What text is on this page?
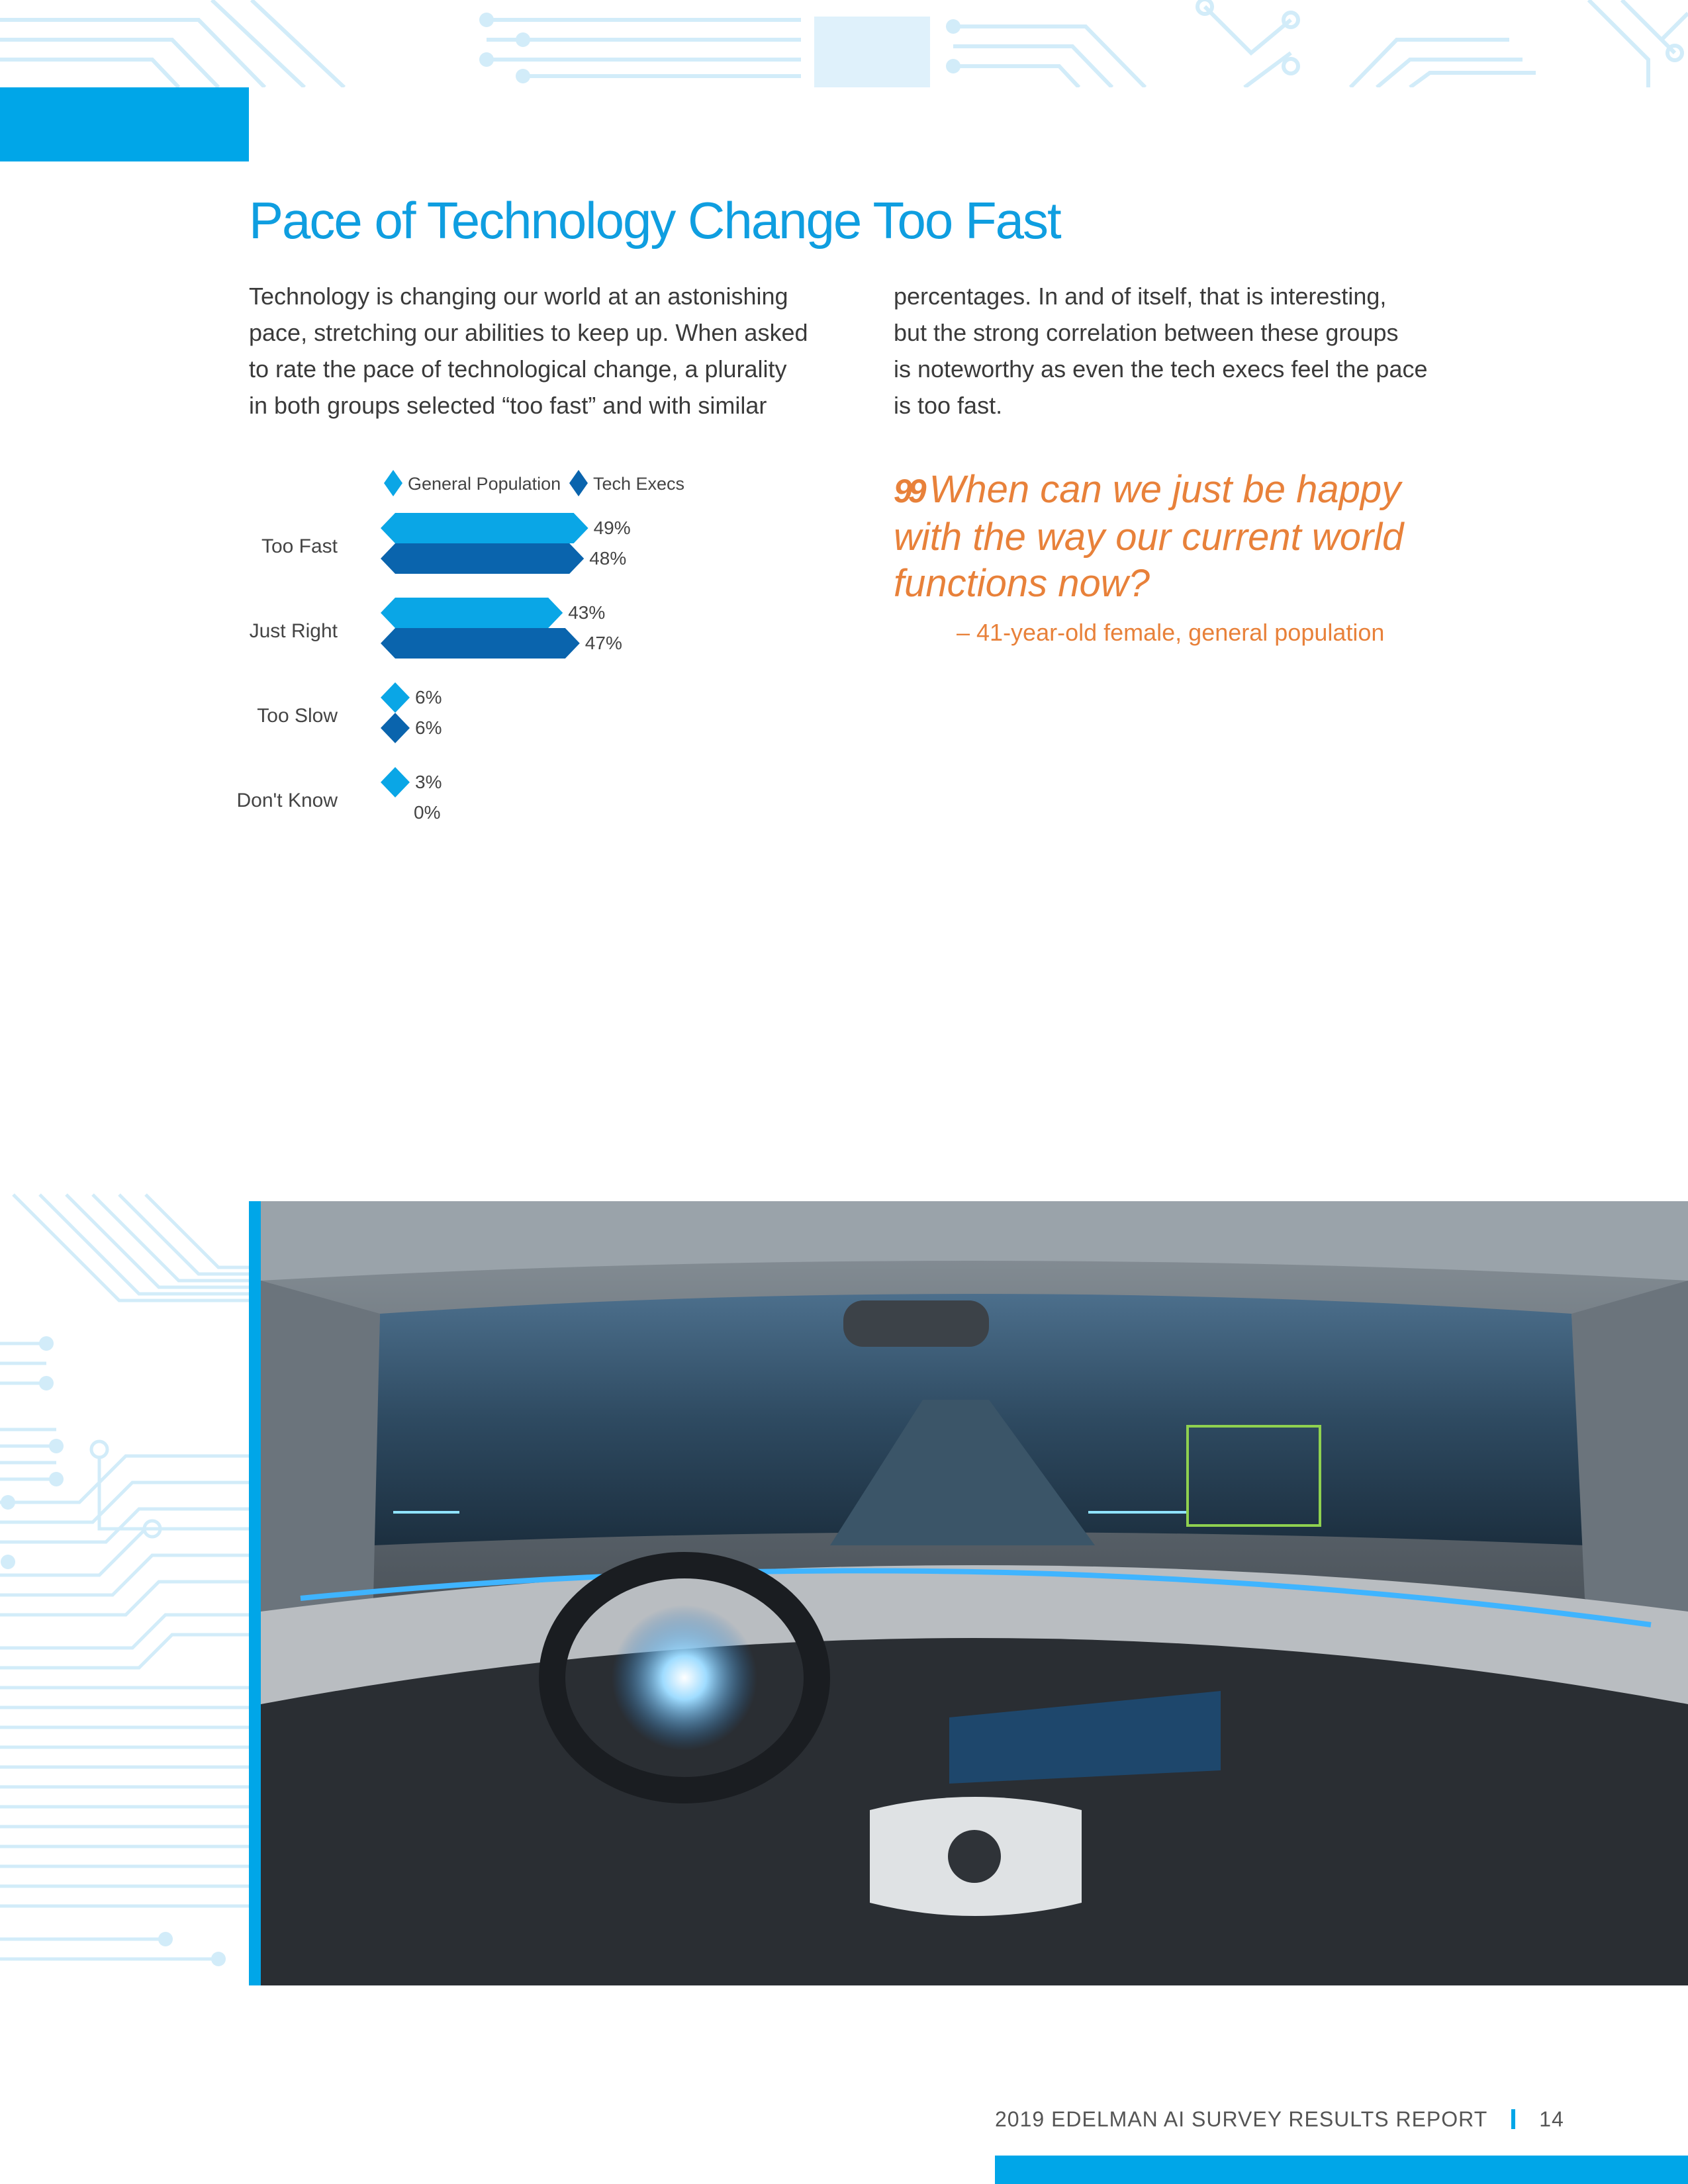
Pace of Technology Change Too Fast
Technology is changing our world at an astonishing
pace, stretching our abilities to keep up. When asked
to rate the pace of technological change, a plurality
in both groups selected “too fast” and with similar
percentages. In and of itself, that is interesting,
but the strong correlation between these groups
is noteworthy as even the tech execs feel the pace
is too fast.
General Population Tech Execs
Too Fast
49%
48%
Just Right
43%
47%
Too Slow
6%
6%
Don't Know
3%
0%
99 When can we just be happy
with the way our current world
functions now?
– 41-year-old female, general population
2019 EDELMAN AI SURVEY RESULTS REPORT 14
